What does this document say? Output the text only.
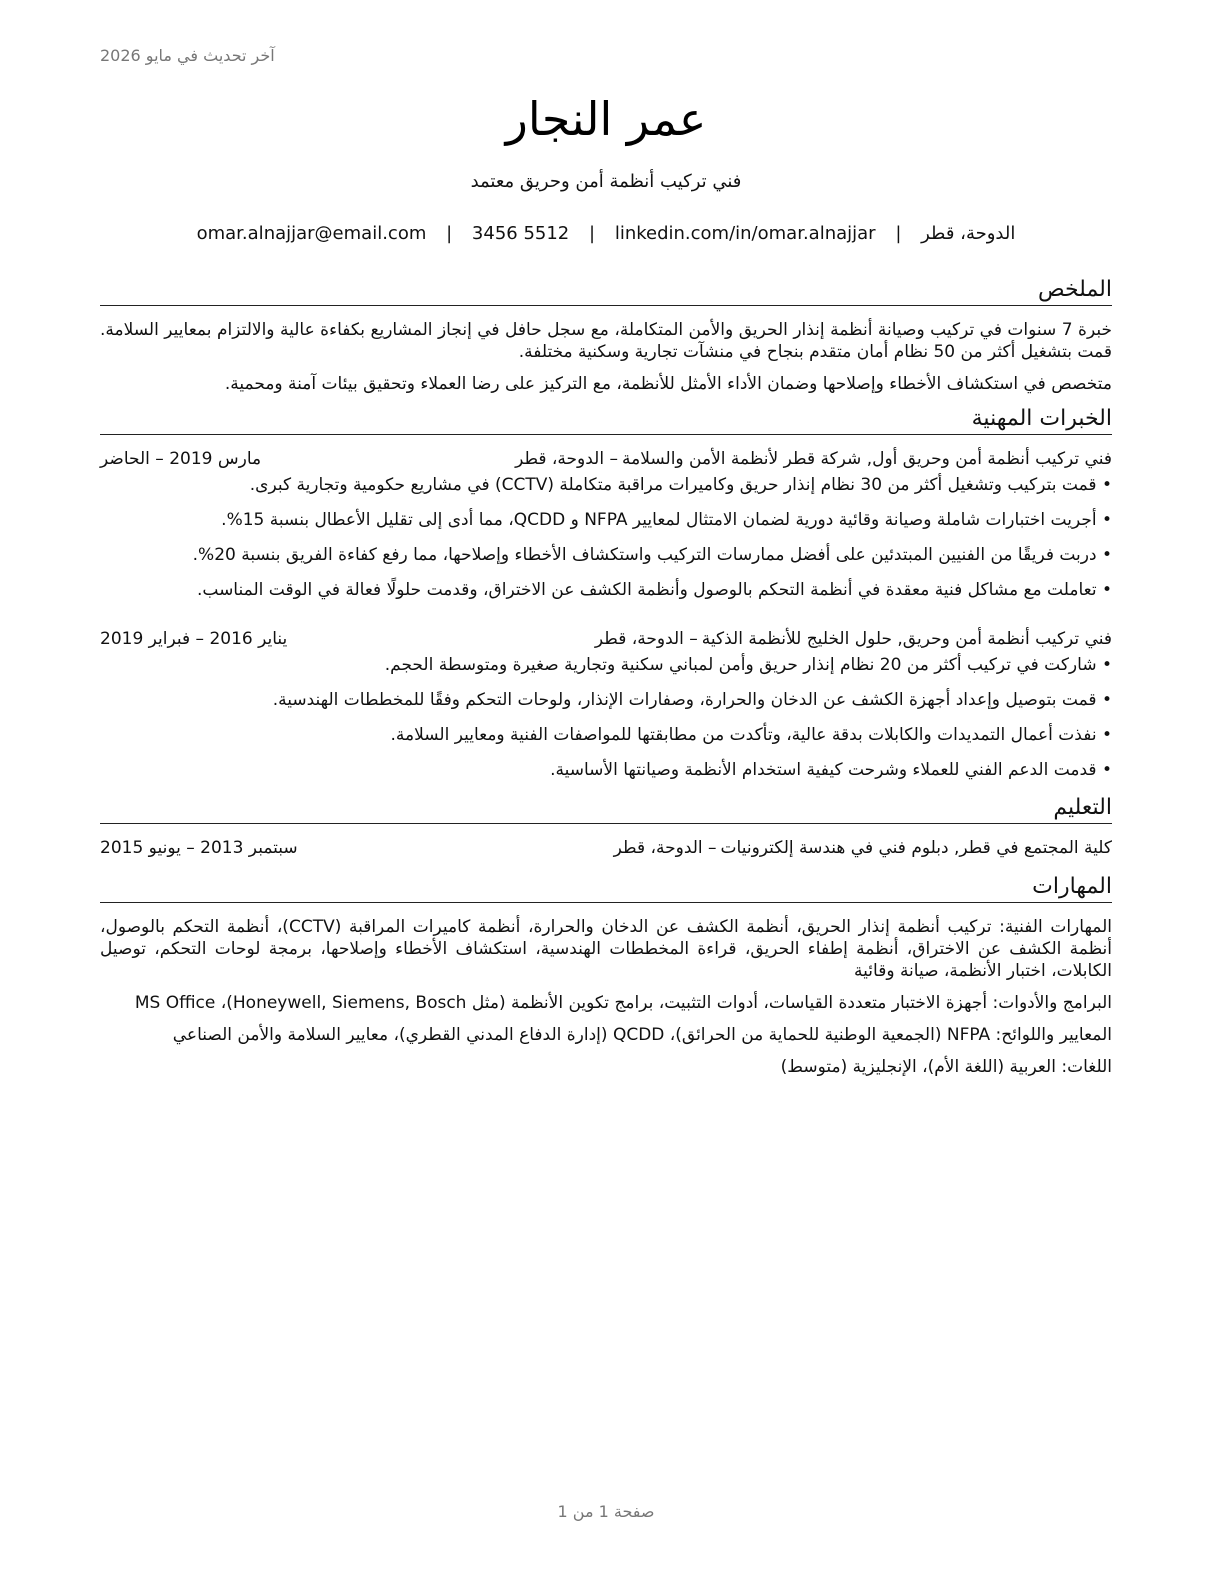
آخر تحديث في مايو 2026
عمر النجار
فني تركيب أنظمة أمن وحريق معتمد
الدوحة، قطر | omar.alnajjar@email.com | 3456 5512 | linkedin.com/in/omar.alnajjar
الملخص

خبرة 7 سنوات في تركيب وصيانة أنظمة إنذار الحريق والأمن المتكاملة، مع سجل حافل في إنجاز المشاريع بكفاءة عالية والالتزام بمعايير السلامة. قمت بتشغيل أكثر من 50 نظام أمان متقدم بنجاح في منشآت تجارية وسكنية مختلفة.

متخصص في استكشاف الأخطاء وإصلاحها وضمان الأداء الأمثل للأنظمة، مع التركيز على رضا العملاء وتحقيق بيئات آمنة ومحمية.

الخبرات المهنية
فني تركيب أنظمة أمن وحريق أول, شركة قطر لأنظمة الأمن والسلامة
– الدوحة، قطر
مارس 2019 – الحاضر
• قمت بتركيب وتشغيل أكثر من 30 نظام إنذار حريق وكاميرات مراقبة متكاملة (CCTV) في مشاريع حكومية وتجارية كبرى.
• أجريت اختبارات شاملة وصيانة وقائية دورية لضمان الامتثال لمعايير NFPA و QCDD، مما أدى إلى تقليل الأعطال بنسبة 15%.
• دربت فريقًا من الفنيين المبتدئين على أفضل ممارسات التركيب واستكشاف الأخطاء وإصلاحها، مما رفع كفاءة الفريق بنسبة 20%.
• تعاملت مع مشاكل فنية معقدة في أنظمة التحكم بالوصول وأنظمة الكشف عن الاختراق، وقدمت حلولًا فعالة في الوقت المناسب.
فني تركيب أنظمة أمن وحريق, حلول الخليج للأنظمة الذكية
– الدوحة، قطر
يناير 2016 – فبراير 2019
• شاركت في تركيب أكثر من 20 نظام إنذار حريق وأمن لمباني سكنية وتجارية صغيرة ومتوسطة الحجم.
• قمت بتوصيل وإعداد أجهزة الكشف عن الدخان والحرارة، وصفارات الإنذار، ولوحات التحكم وفقًا للمخططات الهندسية.
• نفذت أعمال التمديدات والكابلات بدقة عالية، وتأكدت من مطابقتها للمواصفات الفنية ومعايير السلامة.
• قدمت الدعم الفني للعملاء وشرحت كيفية استخدام الأنظمة وصيانتها الأساسية.
التعليم
كلية المجتمع في قطر, دبلوم فني في هندسة إلكترونيات
– الدوحة، قطر
سبتمبر 2013 – يونيو 2015
المهارات

المهارات الفنية: تركيب أنظمة إنذار الحريق، أنظمة الكشف عن الدخان والحرارة، أنظمة كاميرات المراقبة (CCTV)، أنظمة التحكم بالوصول، أنظمة الكشف عن الاختراق، أنظمة إطفاء الحريق، قراءة المخططات الهندسية، استكشاف الأخطاء وإصلاحها، برمجة لوحات التحكم، توصيل الكابلات، اختبار الأنظمة، صيانة وقائية

البرامج والأدوات: أجهزة الاختبار متعددة القياسات، أدوات التثبيت، برامج تكوين الأنظمة (مثل Honeywell, Siemens, Bosch)، MS Office

المعايير واللوائح: NFPA (الجمعية الوطنية للحماية من الحرائق)، QCDD (إدارة الدفاع المدني القطري)، معايير السلامة والأمن الصناعي

اللغات: العربية (اللغة الأم)، الإنجليزية (متوسط)

صفحة 1 من 1
